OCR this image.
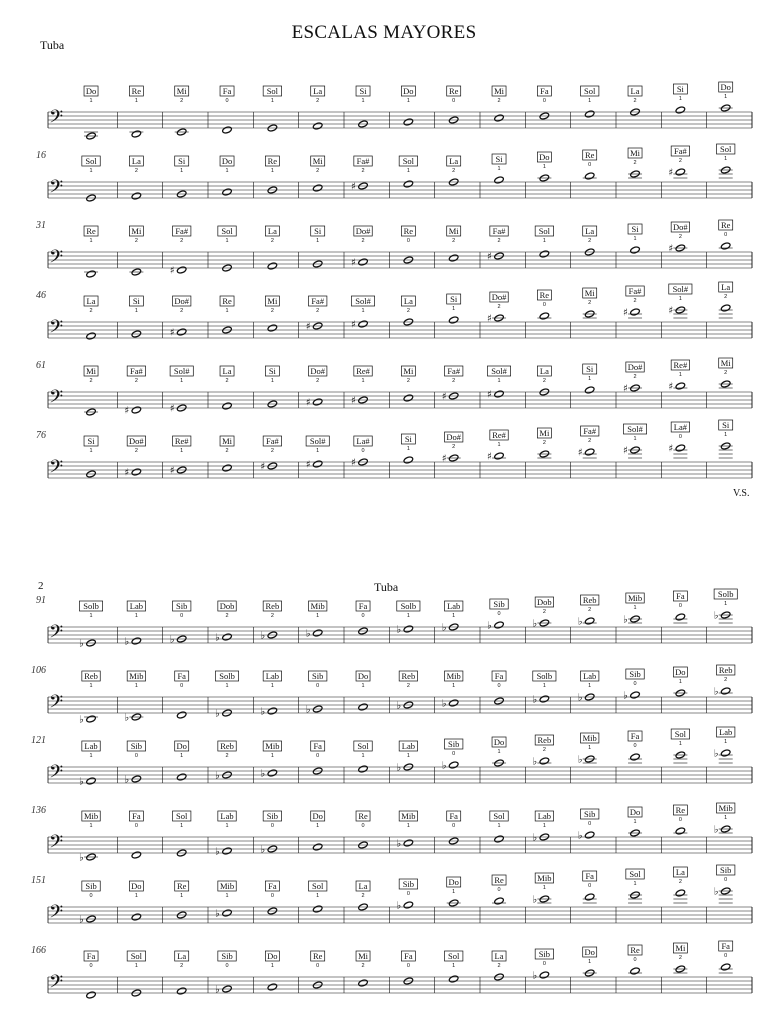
ESCALAS MAYORES
Tuba
V.S.
2	Tuba
𝄢
Do
1
Re
1
Mi
2
Fa
0
Sol
1
La
2
Si
1
Do
1
Re
0
Mi
2
Fa
0
Sol
1
La
2
Si
1
Do
1
𝄢
16	Sol
1
La
2
Si
1
Do
1
Re
1
Mi
2
♯
Fa#
2
Sol
1
La
2
Si
1
Do
1
Re
0
Mi
2
♯
Fa#
2
Sol
1
𝄢
31	Re
1
Mi
2
♯
Fa#
2
Sol
1
La
2
Si
1
♯
Do#
2
Re
0
Mi
2
♯
Fa#
2
Sol
1
La
2
Si
1
♯
Do#
2
Re
0
𝄢
46	La
2
Si
1
♯
Do#
2
Re
1
Mi
2
♯
Fa#
2
♯
Sol#
1
La
2
Si
1
♯
Do#
2
Re
0
Mi
2
♯
Fa#
2
♯
Sol#
1
La
2
𝄢
61	Mi
2
♯
Fa#
2
♯
Sol#
1
La
2
Si
1
♯
Do#
2
♯
Re#
1
Mi
2
♯
Fa#
2
♯
Sol#
1
La
2
Si
1
♯
Do#
2
♯
Re#
1
Mi
2
𝄢
76	Si
1
♯
Do#
2
♯
Re#
1
Mi
2
♯
Fa#
2
♯
Sol#
1
♯
La#
0
Si
1
♯
Do#
2
♯
Re#
1
Mi
2
♯
Fa#
2
♯
Sol#
1
♯
La#
0
Si
1
𝄢
91
♭
Solb
1
♭
Lab
1
♭
Sib
0
♭
Dob
2
♭
Reb
2
♭
Mib
1
Fa
0
♭
Solb
1
♭
Lab
1
♭
Sib
0
♭
Dob
2
♭
Reb
2
♭
Mib
1
Fa
0
♭
Solb
1
𝄢
106
♭
Reb
1
♭
Mib
1
Fa
0
♭
Solb
1
♭
Lab
1
♭
Sib
0
Do
1
♭
Reb
2
♭
Mib
1
Fa
0
♭
Solb
1
♭
Lab
1
♭
Sib
0
Do
1
♭
Reb
2
𝄢
121
♭
Lab
1
♭
Sib
0
Do
1
♭
Reb
2
♭
Mib
1
Fa
0
Sol
1
♭
Lab
1
♭
Sib
0
Do
1
♭
Reb
2
♭
Mib
1
Fa
0
Sol
1
♭
Lab
1
𝄢
136
♭
Mib
1
Fa
0
Sol
1
♭
Lab
1
♭
Sib
0
Do
1
Re
0
♭
Mib
1
Fa
0
Sol
1
♭
Lab
1
♭
Sib
0
Do
1
Re
0
♭
Mib
1
𝄢
151
♭
Sib
0
Do
1
Re
1
♭
Mib
1
Fa
0
Sol
1
La
2
♭
Sib
0
Do
1
Re
0
♭
Mib
1
Fa
0
Sol
1
La
2
♭
Sib
0
𝄢
166	Fa
0
Sol
1
La
2
♭
Sib
0
Do
1
Re
0
Mi
2
Fa
0
Sol
1
La
2
♭
Sib
0
Do
1
Re
0
Mi
2
Fa
0
